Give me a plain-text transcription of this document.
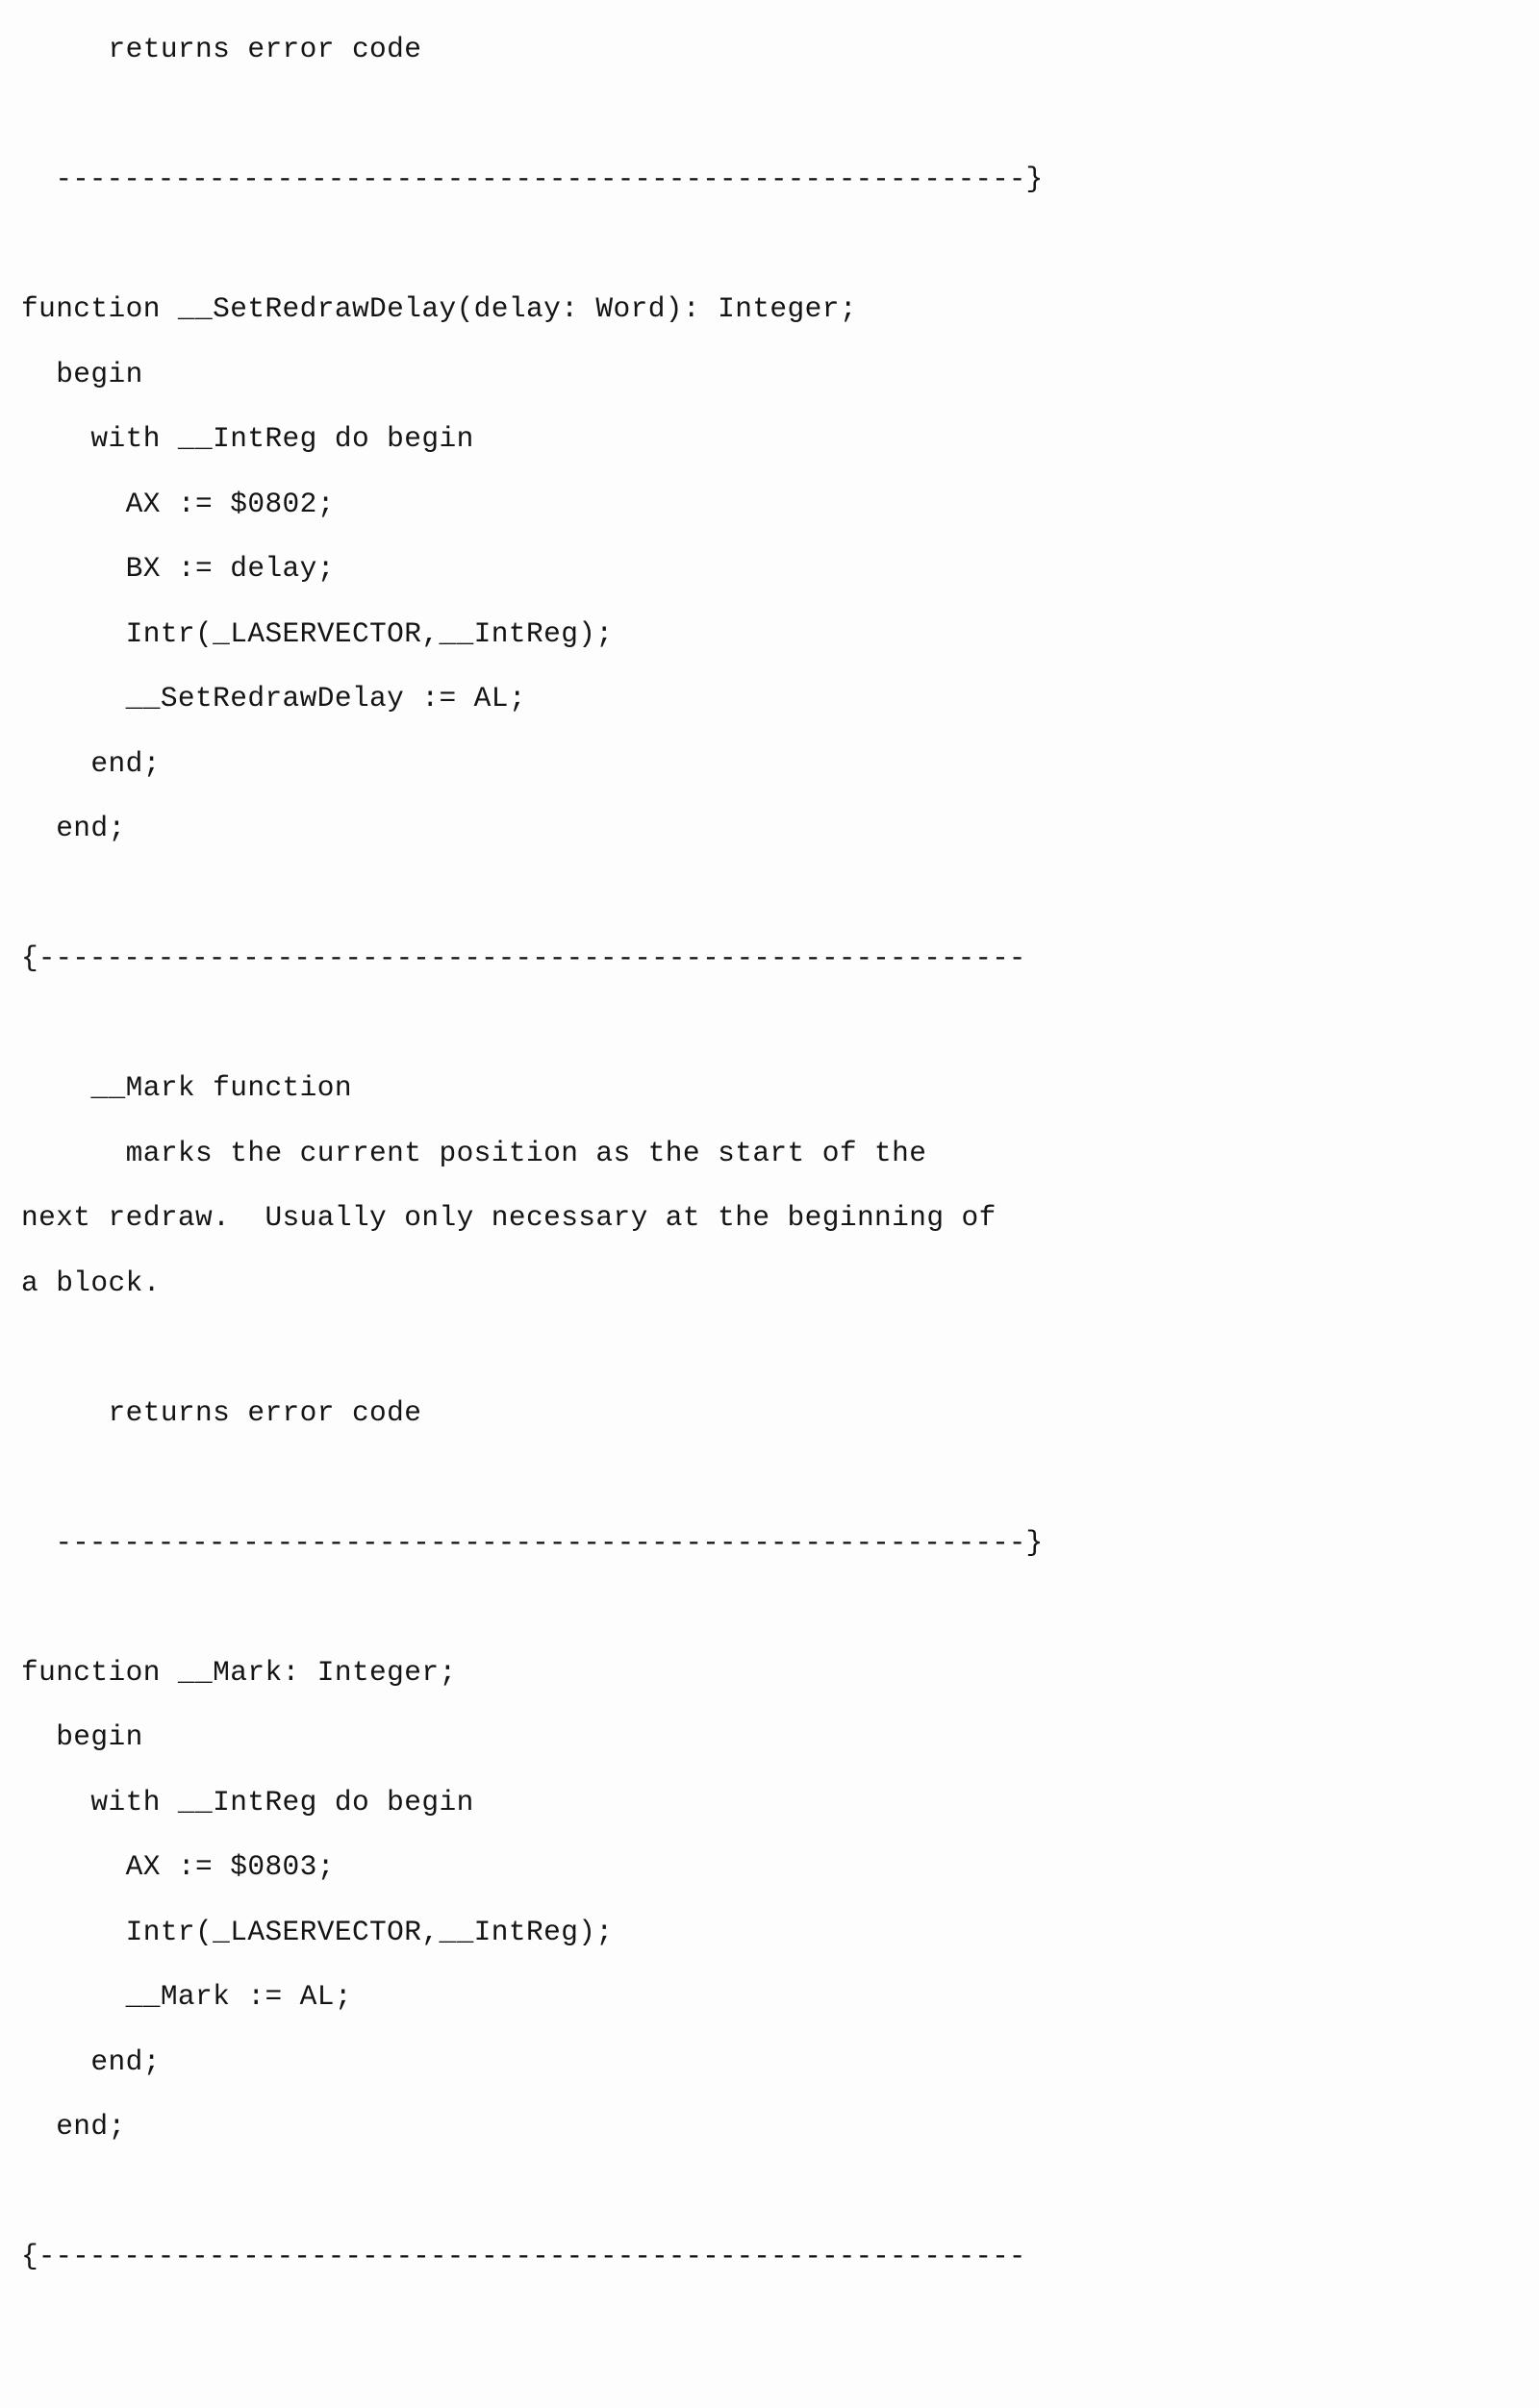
returns error code
---------------------------------------------------------}
function __SetRedrawDelay(delay: Word): Integer;
begin
with __IntReg do begin
AX := $0802;
BX := delay;
Intr(_LASERVECTOR,__IntReg);
__SetRedrawDelay := AL;
end;
end;
{----------------------------------------------------------
__Mark function
marks the current position as the start of the
next redraw.  Usually only necessary at the beginning of
a block.
returns error code
---------------------------------------------------------}
function __Mark: Integer;
begin
with __IntReg do begin
AX := $0803;
Intr(_LASERVECTOR,__IntReg);
__Mark := AL;
end;
end;
{----------------------------------------------------------
